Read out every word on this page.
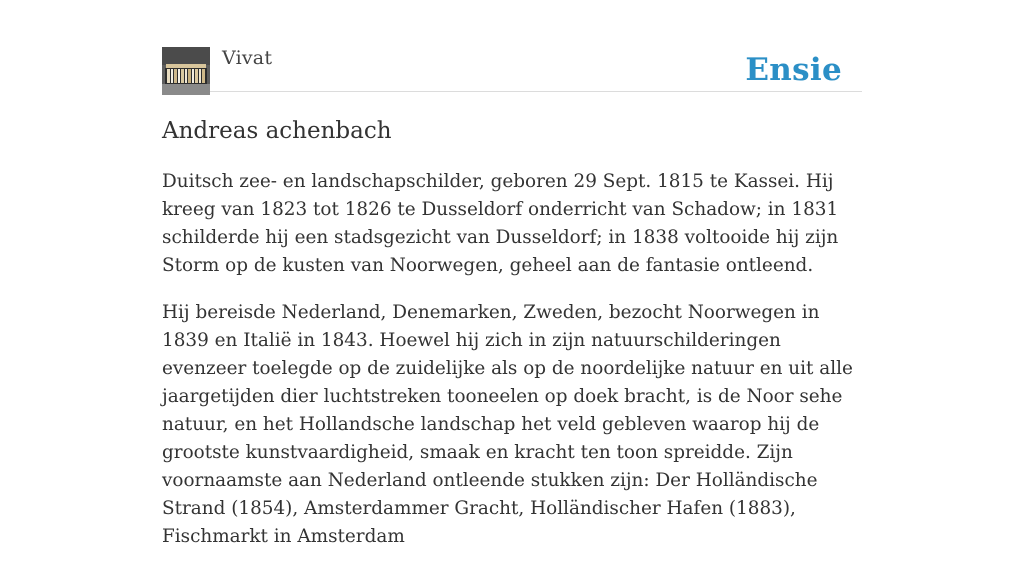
Vivat	Ensie
Andreas achenbach

Duitsch zee- en landschapschilder, geboren 29 Sept. 1815 te Kassei. Hij kreeg van 1823 tot 1826 te Dusseldorf onderricht van Schadow; in 1831 schilderde hij een stadsgezicht van Dusseldorf; in 1838 voltooide hij zijn Storm op de kusten van Noorwegen, geheel aan de fantasie ontleend.

Hij bereisde Nederland, Denemarken, Zweden, bezocht Noorwegen in 1839 en Italië in 1843. Hoewel hij zich in zijn natuurschilderingen evenzeer toelegde op de zuidelijke als op de noordelijke natuur en uit alle jaargetijden dier luchtstreken tooneelen op doek bracht, is de Noor sehe natuur, en het Hollandsche landschap het veld gebleven waarop hij de grootste kunstvaardigheid, smaak en kracht ten toon spreidde. Zijn voornaamste aan Nederland ontleende stukken zijn: Der Holländische Strand (1854), Amsterdammer Gracht, Holländischer Hafen (1883), Fischmarkt in Amsterdam
